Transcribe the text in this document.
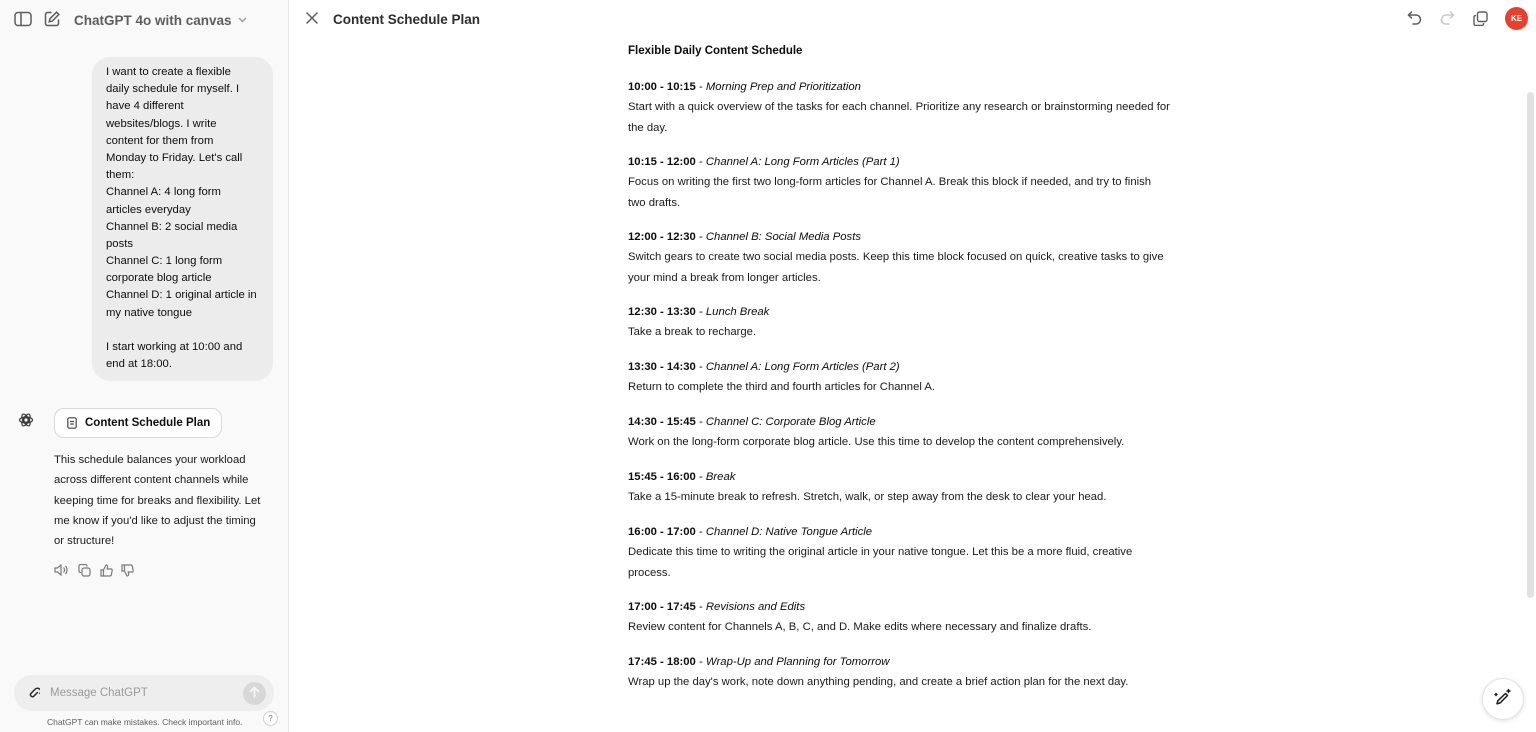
ChatGPT 4o with canvas
I want to create a flexible
daily schedule for myself. I
have 4 different
websites/blogs. I write
content for them from
Monday to Friday. Let's call
them:
Channel A: 4 long form
articles everyday
Channel B: 2 social media
posts
Channel C: 1 long form
corporate blog article
Channel D: 1 original article in
my native tongue
I start working at 10:00 and
end at 18:00.
Content Schedule Plan
This schedule balances your workload
across different content channels while
keeping time for breaks and flexibility. Let
me know if you'd like to adjust the timing
or structure!
Message ChatGPT
ChatGPT can make mistakes. Check important info.	?
Content Schedule Plan	KE
Flexible Daily Content Schedule
10:00 - 10:15 - Morning Prep and Prioritization
Start with a quick overview of the tasks for each channel. Prioritize any research or brainstorming needed for
the day.
10:15 - 12:00 - Channel A: Long Form Articles (Part 1)
Focus on writing the first two long-form articles for Channel A. Break this block if needed, and try to finish
two drafts.
12:00 - 12:30 - Channel B: Social Media Posts
Switch gears to create two social media posts. Keep this time block focused on quick, creative tasks to give
your mind a break from longer articles.
12:30 - 13:30 - Lunch Break
Take a break to recharge.
13:30 - 14:30 - Channel A: Long Form Articles (Part 2)
Return to complete the third and fourth articles for Channel A.
14:30 - 15:45 - Channel C: Corporate Blog Article
Work on the long-form corporate blog article. Use this time to develop the content comprehensively.
15:45 - 16:00 - Break
Take a 15-minute break to refresh. Stretch, walk, or step away from the desk to clear your head.
16:00 - 17:00 - Channel D: Native Tongue Article
Dedicate this time to writing the original article in your native tongue. Let this be a more fluid, creative
process.
17:00 - 17:45 - Revisions and Edits
Review content for Channels A, B, C, and D. Make edits where necessary and finalize drafts.
17:45 - 18:00 - Wrap-Up and Planning for Tomorrow
Wrap up the day's work, note down anything pending, and create a brief action plan for the next day.
